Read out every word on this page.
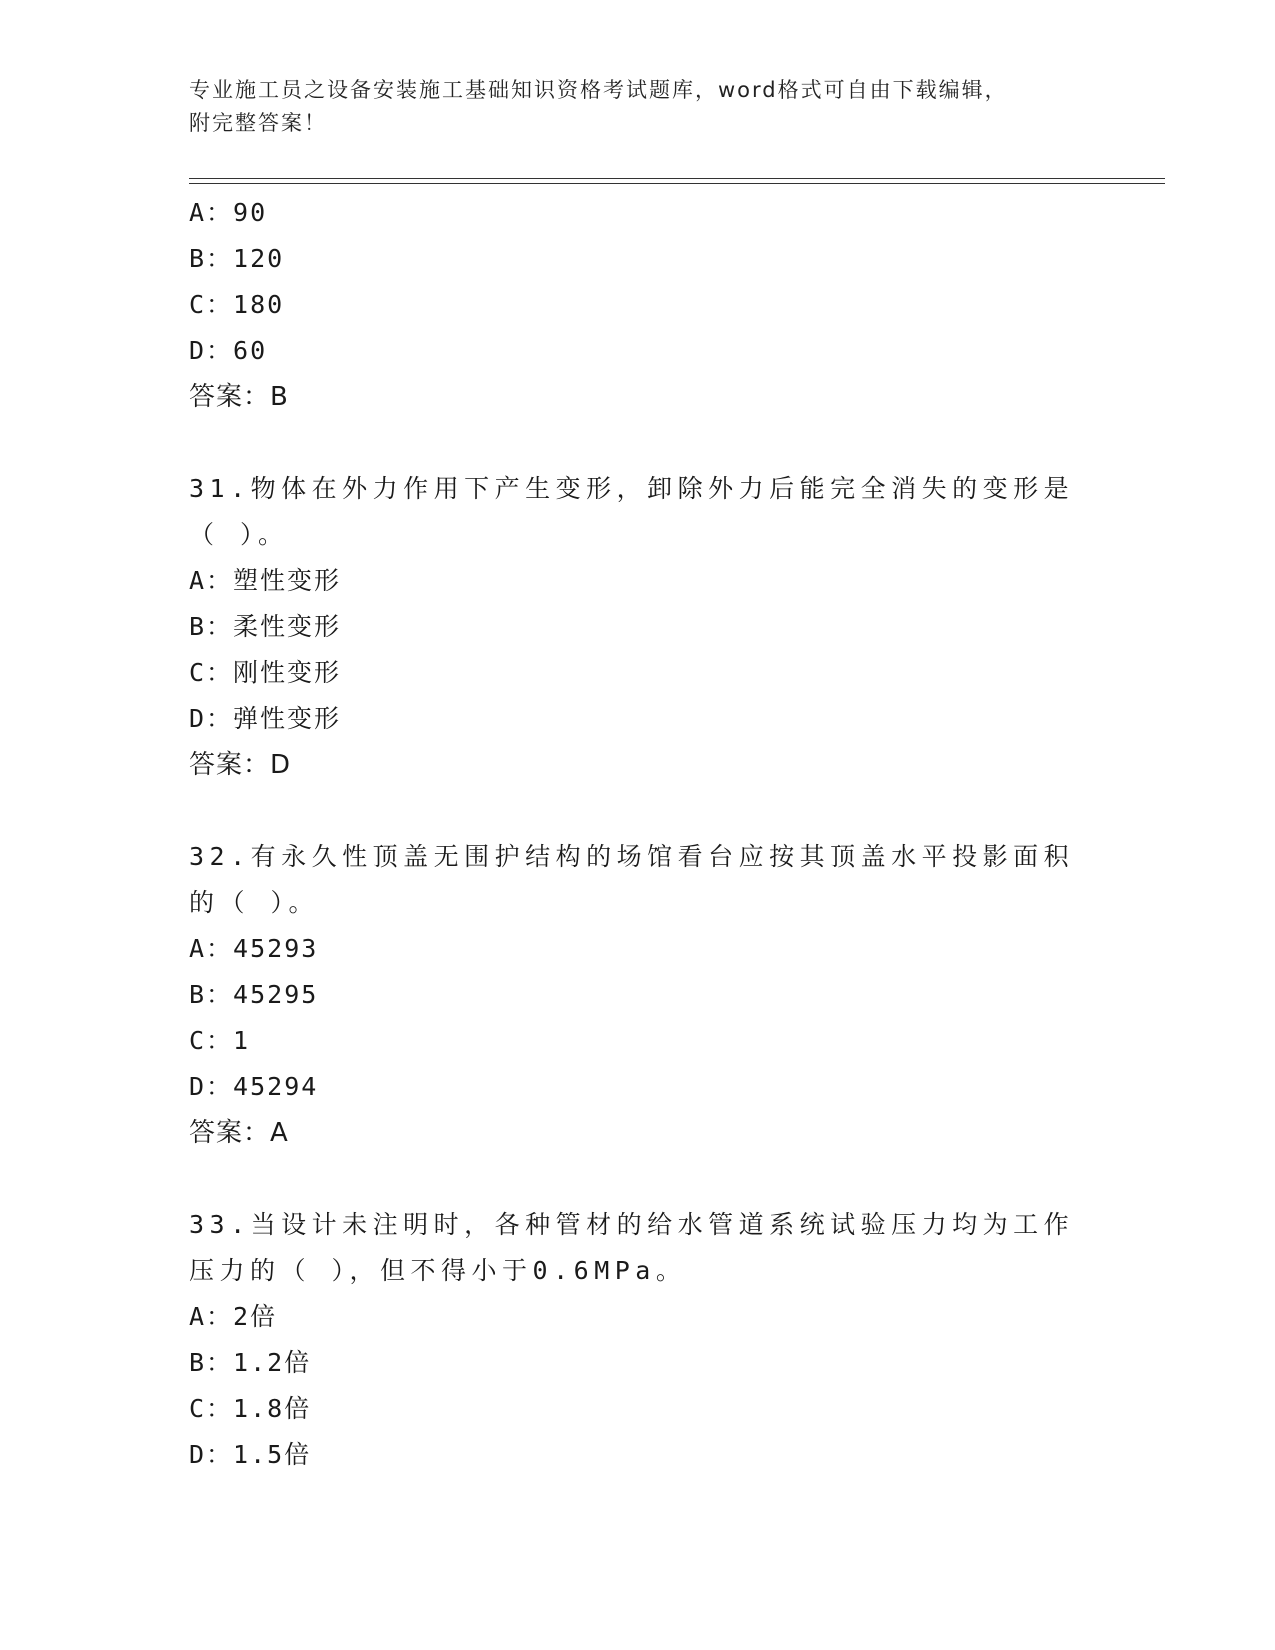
专业施工员之设备安装施工基础知识资格考试题库，word格式可自由下载编辑，
附完整答案！
A：90
B：120
C：180
D：60
答案：B
31.物体在外力作用下产生变形，卸除外力后能完全消失的变形是（ ）。
A：塑性变形
B：柔性变形
C：刚性变形
D：弹性变形
答案：D
32.有永久性顶盖无围护结构的场馆看台应按其顶盖水平投影面积的（ ）。
A：45293
B：45295
C：1
D：45294
答案：A
33.当设计未注明时，各种管材的给水管道系统试验压力均为工作压力的（ ），但不得小于0.6MPa。
A：2倍
B：1.2倍
C：1.8倍
D：1.5倍
